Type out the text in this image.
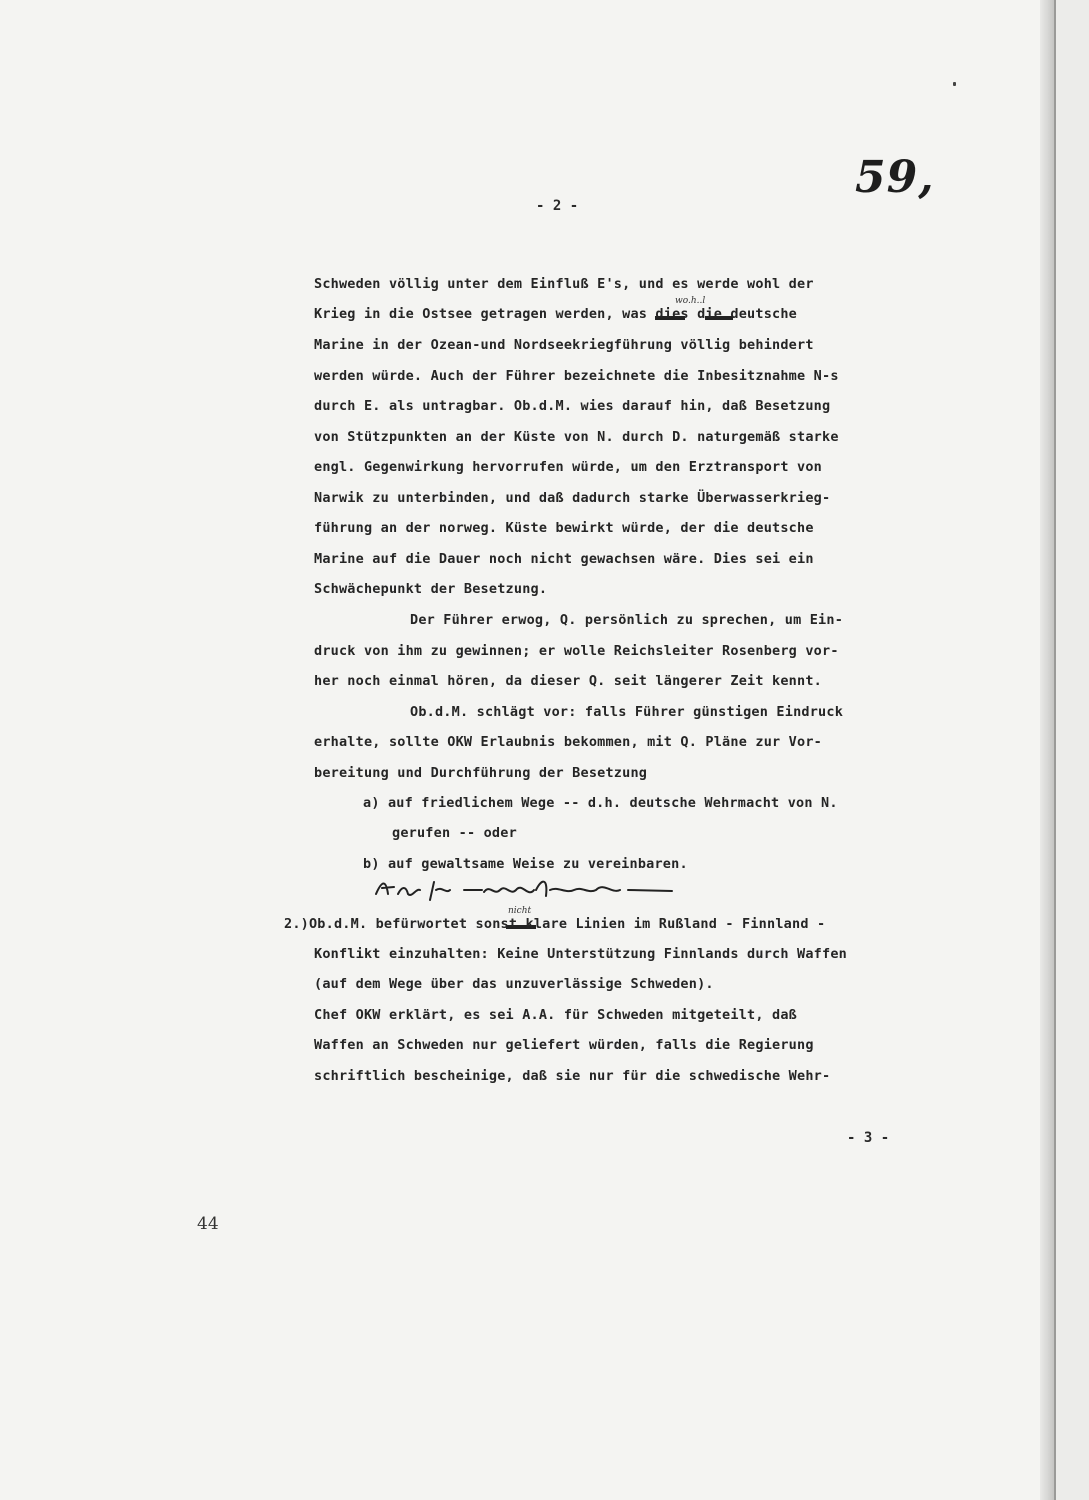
59,
- 2 -
wo.h..l
Schweden völlig unter dem Einfluß E's, und es werde wohl der
Krieg in die Ostsee getragen werden, was dies die deutsche
Marine in der Ozean-und Nordseekriegführung völlig behindert
werden würde. Auch der Führer bezeichnete die Inbesitznahme N-s
durch E. als untragbar. Ob.d.M. wies darauf hin, daß Besetzung
von Stützpunkten an der Küste von N. durch D. naturgemäß starke
engl. Gegenwirkung hervorrufen würde, um den Erztransport von
Narwik zu unterbinden, und daß dadurch starke Überwasserkrieg-
führung an der norweg. Küste bewirkt würde, der die deutsche
Marine auf die Dauer noch nicht gewachsen wäre. Dies sei ein
Schwächepunkt der Besetzung.
Der Führer erwog, Q. persönlich zu sprechen, um Ein-
druck von ihm zu gewinnen; er wolle Reichsleiter Rosenberg vor-
her noch einmal hören, da dieser Q. seit längerer Zeit kennt.
Ob.d.M. schlägt vor: falls Führer günstigen Eindruck
erhalte, sollte OKW Erlaubnis bekommen, mit Q. Pläne zur Vor-
bereitung und Durchführung der Besetzung
a) auf friedlichem Wege -- d.h. deutsche Wehrmacht von N.
gerufen -- oder
b) auf gewaltsame Weise zu vereinbaren.
nicht
2.)Ob.d.M. befürwortet sonst klare Linien im Rußland - Finnland -
Konflikt einzuhalten: Keine Unterstützung Finnlands durch Waffen
(auf dem Wege über das unzuverlässige Schweden).
Chef OKW erklärt, es sei A.A. für Schweden mitgeteilt, daß
Waffen an Schweden nur geliefert würden, falls die Regierung
schriftlich bescheinige, daß sie nur für die schwedische Wehr-
- 3 -
44
